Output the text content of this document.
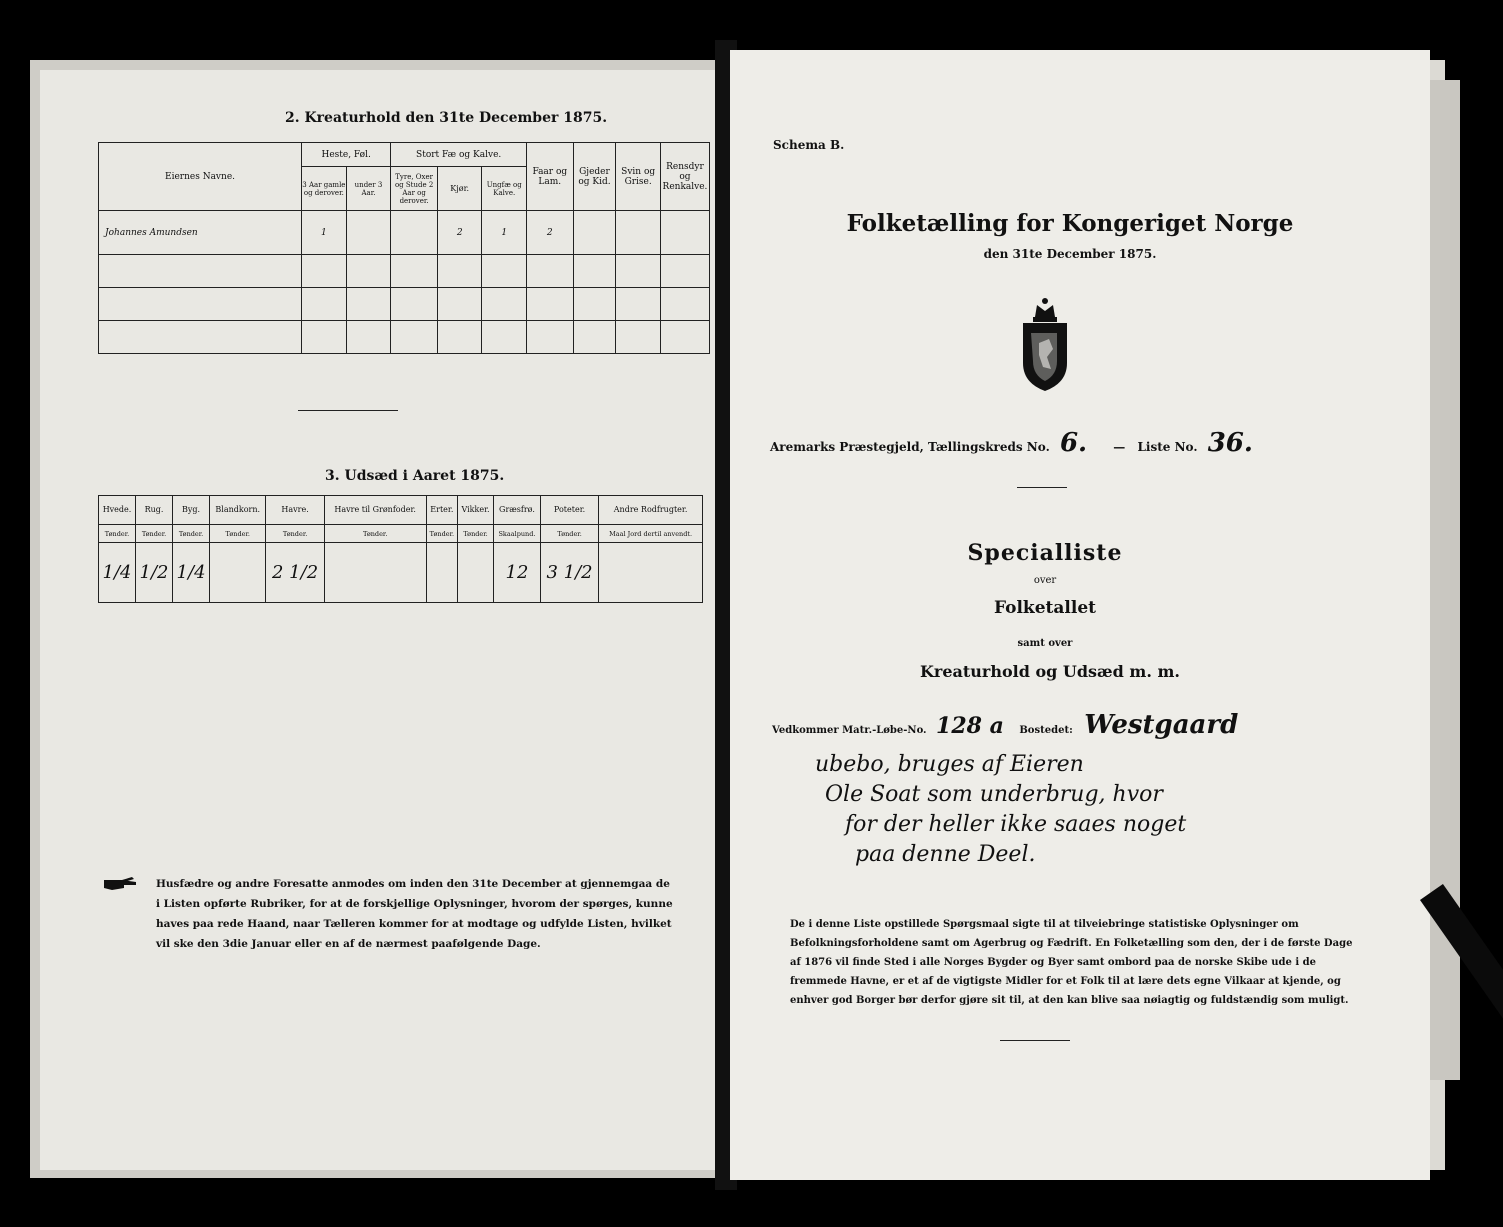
2. Kreaturhold den 31te December 1875.
Eiernes Navne.	Heste, Føl.		Stort Fæ og Kalve.			Faar og Lam.	Gjeder og Kid.	Svin og Grise.	Rensdyr og Renkalve.
	3 Aar gamle og derover.	under 3 Aar.	Tyre, Oxer og Stude 2 Aar og derover.	Kjør.	Ungfæ og Kalve.				
Johannes Amundsen	1			2	1	2			

3. Udsæd i Aaret 1875.
Hvede.	Rug.	Byg.	Blandkorn.	Havre.	Havre til Grønfoder.	Erter.	Vikker.	Græsfrø.	Poteter.	Andre Rodfrugter.
Tønder.	Tønder.	Tønder.	Tønder.	Tønder.	Tønder.	Tønder.	Tønder.	Skaalpund.	Tønder.	Maal Jord dertil anvendt.
1/4	1/2	1/4		2 1/2				12	3 1/2	
Husfædre og andre Foresatte anmodes om inden den 31te December at gjennemgaa de i Listen opførte Rubriker, for at de forskjellige Oplysninger, hvorom der spørges, kunne haves paa rede Haand, naar Tælleren kommer for at modtage og udfylde Listen, hvilket vil ske den 3die Januar eller en af de nærmest paafølgende Dage.
Schema B.
Folketælling for Kongeriget Norge
den 31te December 1875.
Aremarks Præstegjeld, Tællingskreds No. 6. — Liste No. 36.
Specialliste
over
Folketallet
samt over
Kreaturhold og Udsæd m. m.
Vedkommer Matr.-Løbe-No. 128 a Bostedet: Westgaard
ubebo, bruges af Eieren
Ole Soat som underbrug, hvor
for der heller ikke saaes noget
paa denne Deel.
De i denne Liste opstillede Spørgsmaal sigte til at tilveiebringe statistiske Oplysninger om Befolkningsforholdene samt om Agerbrug og Fædrift. En Folketælling som den, der i de første Dage af 1876 vil finde Sted i alle Norges Bygder og Byer samt ombord paa de norske Skibe ude i de fremmede Havne, er et af de vigtigste Midler for et Folk til at lære dets egne Vilkaar at kjende, og enhver god Borger bør derfor gjøre sit til, at den kan blive saa nøiagtig og fuldstændig som muligt.
